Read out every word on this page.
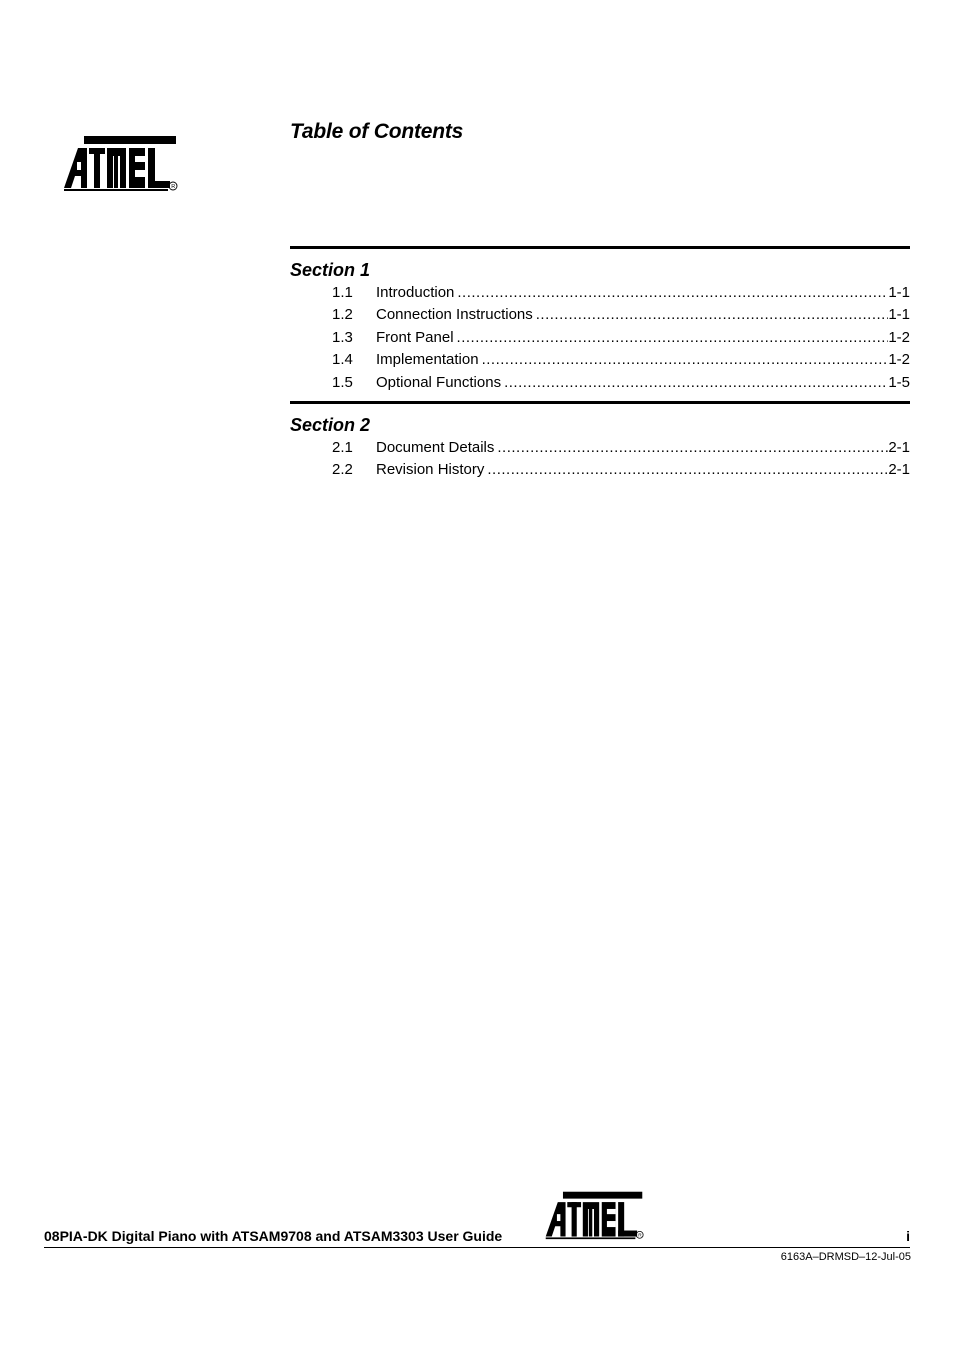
R
Table of Contents
Section 1
1.1 Introduction .....	1-1
1.2 Connection Instructions .....	1-1
1.3 Front Panel .....	1-2
1.4 Implementation .....	1-2
1.5 Optional Functions .....	1-5
Section 2
2.1 Document Details .....	2-1
2.2 Revision History .....	2-1
08PIA-DK Digital Piano with ATSAM9708 and ATSAM3303 User Guide	R	i
6163A–DRMSD–12-Jul-05
